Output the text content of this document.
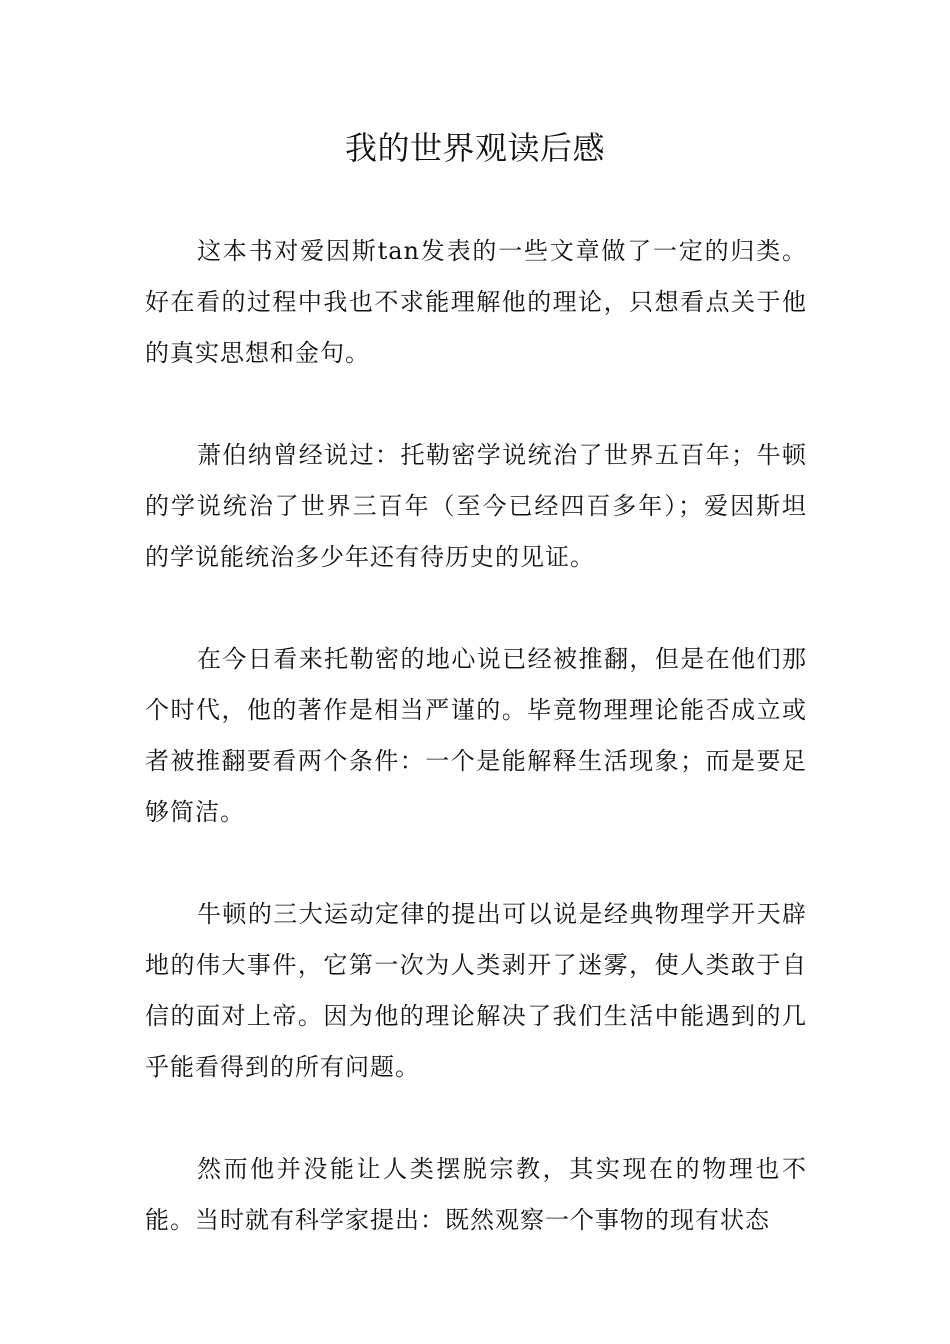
我的世界观读后感

这本书对爱因斯tan发表的一些文章做了一定的归类。好在看的过程中我也不求能理解他的理论，只想看点关于他的真实思想和金句。

萧伯纳曾经说过：托勒密学说统治了世界五百年；牛顿的学说统治了世界三百年（至今已经四百多年）；爱因斯坦的学说能统治多少年还有待历史的见证。

在今日看来托勒密的地心说已经被推翻，但是在他们那个时代，他的著作是相当严谨的。毕竟物理理论能否成立或者被推翻要看两个条件：一个是能解释生活现象；而是要足够简洁。

牛顿的三大运动定律的提出可以说是经典物理学开天辟地的伟大事件，它第一次为人类剥开了迷雾，使人类敢于自信的面对上帝。因为他的理论解决了我们生活中能遇到的几乎能看得到的所有问题。

然而他并没能让人类摆脱宗教，其实现在的物理也不能。当时就有科学家提出：既然观察一个事物的现有状态
